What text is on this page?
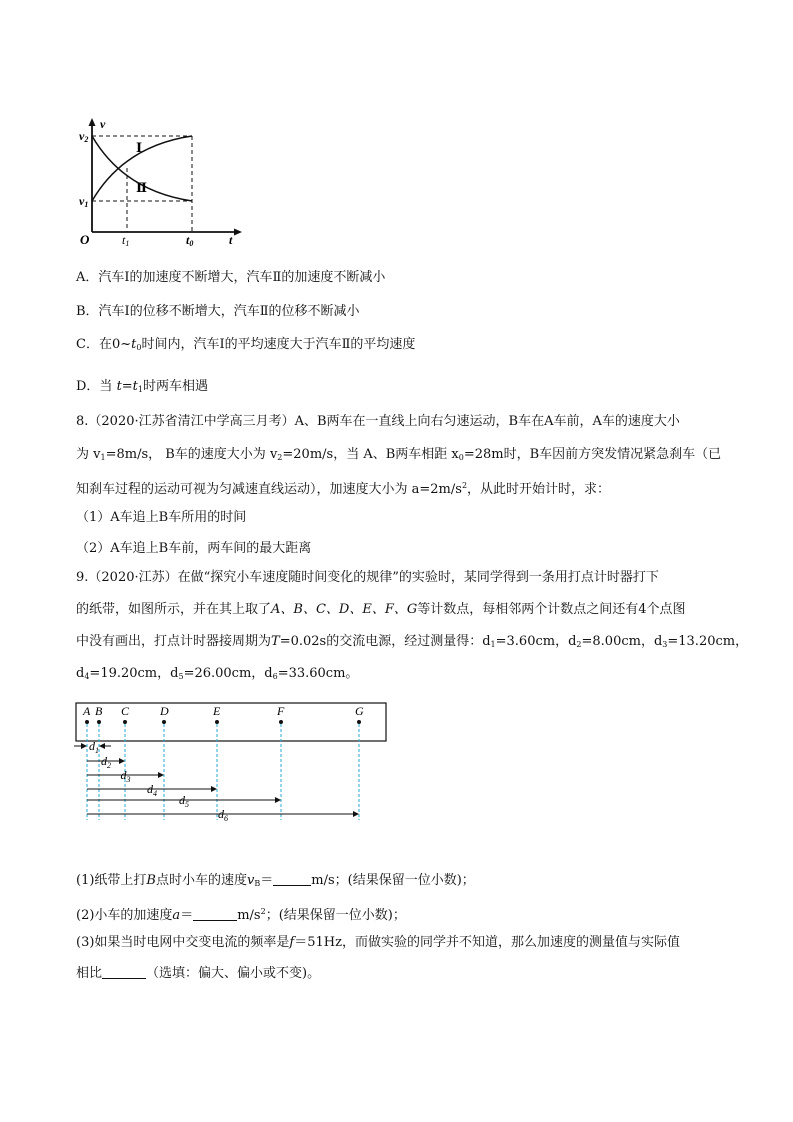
v
t
O
v2
v1
t1	t0
Ⅰ
Ⅱ
A．汽车Ⅰ的加速度不断增大，汽车Ⅱ的加速度不断减小
B．汽车Ⅰ的位移不断增大，汽车Ⅱ的位移不断减小
C．在$0\sim t_0$时间内，汽车Ⅰ的平均速度大于汽车Ⅱ的平均速度
D．当 $t=t_1$时两车相遇
8.（2020·江苏省清江中学高三月考）A、B两车在一直线上向右匀速运动，B车在A车前，A车的速度大小
为 $v_1=8m/s$， B车的速度大小为 $v_2=20m/s$，当 A、B两车相距 $x_0=28m$时，B车因前方突发情况紧急刹车（已
知刹车过程的运动可视为匀减速直线运动），加速度大小为 $a=2m/s^2$，从此时开始计时，求：
（1）A车追上B车所用的时间
（2）A车追上B车前，两车间的最大距离
9.（2020·江苏）在做“探究小车速度随时间变化的规律”的实验时，某同学得到一条用打点计时器打下
的纸带，如图所示，并在其上取了A、B、C、D、E、F、G等计数点，每相邻两个计数点之间还有4个点图
中没有画出，打点计时器接周期为T=0.02s的交流电源，经过测量得：$d_1=3.60cm$，$d_2=8.00cm$，$d_3=13.20cm$，
$d_4=19.20cm$，$d_5=26.00cm$，$d_6=33.60cm$。
A B C	D	E	F	G
$d_1$
$d_2$
$d_3$
$d_4$ $d_5$
$d_6$
(1)纸带上打B点时小车的速度$v_B=$	m/s；(结果保留一位小数)；
(2)小车的加速度a＝	$m/s^2$；(结果保留一位小数)；
(3)如果当时电网中交变电流的频率是f＝51Hz，而做实验的同学并不知道，那么加速度的测量值与实际值
相比	（选填：偏大、偏小或不变)。
